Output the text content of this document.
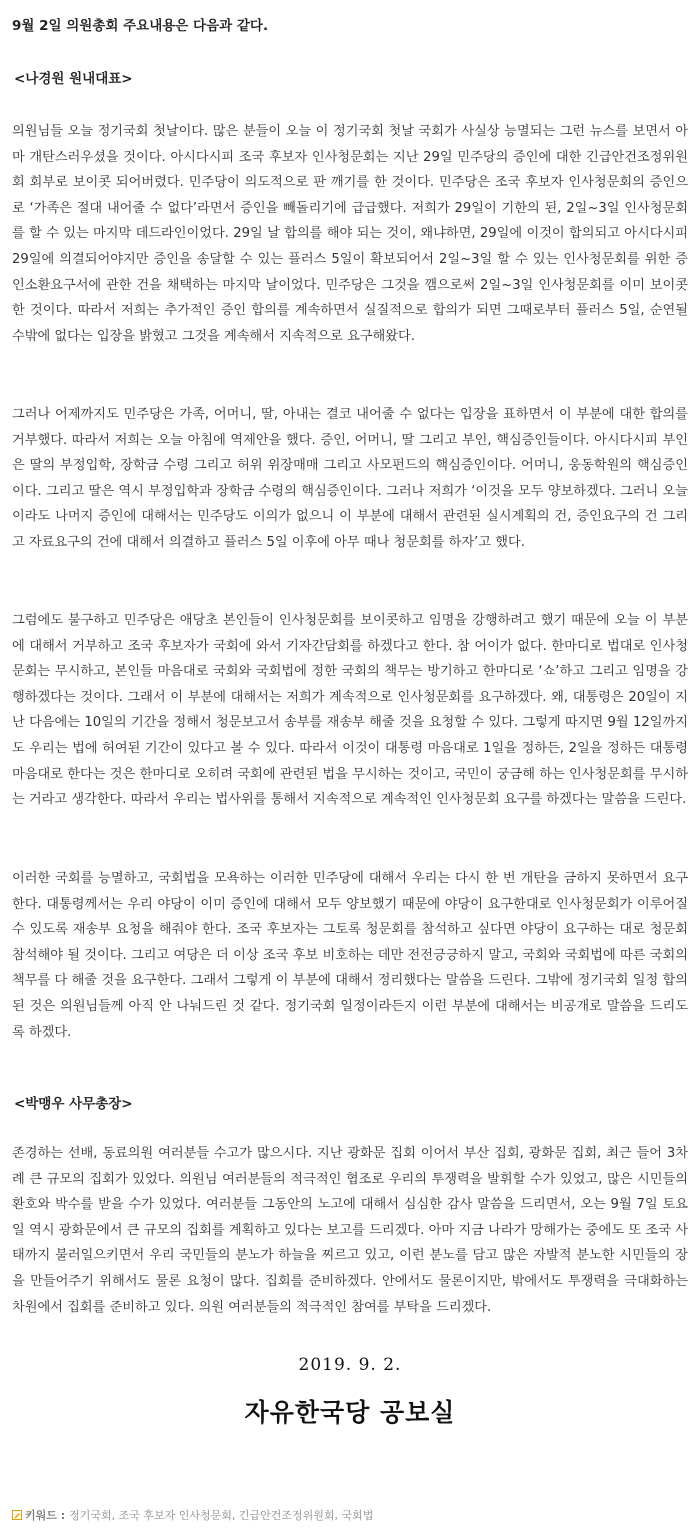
9월 2일 의원총회 주요내용은 다음과 같다.
<나경원 원내대표>
의원님들 오늘 정기국회 첫날이다. 많은 분들이 오늘 이 정기국회 첫날 국회가 사실상 능멸되는 그런 뉴스를 보면서 아마 개탄스러우셨을 것이다. 아시다시피 조국 후보자 인사청문회는 지난 29일 민주당의 증인에 대한 긴급안건조정위원회 회부로 보이콧 되어버렸다. 민주당이 의도적으로 판 깨기를 한 것이다. 민주당은 조국 후보자 인사청문회의 증인으로 ‘가족은 절대 내어줄 수 없다’라면서 증인을 빼돌리기에 급급했다. 저희가 29일이 기한의 된, 2일~3일 인사청문회를 할 수 있는 마지막 데드라인이었다. 29일 날 합의를 해야 되는 것이, 왜냐하면, 29일에 이것이 합의되고 아시다시피 29일에 의결되어야지만 증인을 송달할 수 있는 플러스 5일이 확보되어서 2일~3일 할 수 있는 인사청문회를 위한 증인소환요구서에 관한 건을 채택하는 마지막 날이었다. 민주당은 그것을 깸으로써 2일~3일 인사청문회를 이미 보이콧 한 것이다. 따라서 저희는 추가적인 증인 합의를 계속하면서 실질적으로 합의가 되면 그때로부터 플러스 5일, 순연될 수밖에 없다는 입장을 밝혔고 그것을 계속해서 지속적으로 요구해왔다.
그러나 어제까지도 민주당은 가족, 어머니, 딸, 아내는 결코 내어줄 수 없다는 입장을 표하면서 이 부분에 대한 합의를 거부했다. 따라서 저희는 오늘 아침에 역제안을 했다. 증인, 어머니, 딸 그리고 부인, 핵심증인들이다. 아시다시피 부인은 딸의 부정입학, 장학금 수령 그리고 허위 위장매매 그리고 사모펀드의 핵심증인이다. 어머니, 웅동학원의 핵심증인이다. 그리고 딸은 역시 부정입학과 장학금 수령의 핵심증인이다. 그러나 저희가 ‘이것을 모두 양보하겠다. 그러니 오늘이라도 나머지 증인에 대해서는 민주당도 이의가 없으니 이 부분에 대해서 관련된 실시계획의 건, 증인요구의 건 그리고 자료요구의 건에 대해서 의결하고 플러스 5일 이후에 아무 때나 청문회를 하자’고 했다.
그럼에도 불구하고 민주당은 애당초 본인들이 인사청문회를 보이콧하고 임명을 강행하려고 했기 때문에 오늘 이 부분에 대해서 거부하고 조국 후보자가 국회에 와서 기자간담회를 하겠다고 한다. 참 어이가 없다. 한마디로 법대로 인사청문회는 무시하고, 본인들 마음대로 국회와 국회법에 정한 국회의 책무는 방기하고 한마디로 ‘쇼’하고 그리고 임명을 강행하겠다는 것이다. 그래서 이 부분에 대해서는 저희가 계속적으로 인사청문회를 요구하겠다. 왜, 대통령은 20일이 지난 다음에는 10일의 기간을 정해서 청문보고서 송부를 재송부 해줄 것을 요청할 수 있다. 그렇게 따지면 9월 12일까지도 우리는 법에 허여된 기간이 있다고 볼 수 있다. 따라서 이것이 대통령 마음대로 1일을 정하든, 2일을 정하든 대통령 마음대로 한다는 것은 한마디로 오히려 국회에 관련된 법을 무시하는 것이고, 국민이 궁금해 하는 인사청문회를 무시하는 거라고 생각한다. 따라서 우리는 법사위를 통해서 지속적으로 계속적인 인사청문회 요구를 하겠다는 말씀을 드린다.
이러한 국회를 능멸하고, 국회법을 모욕하는 이러한 민주당에 대해서 우리는 다시 한 번 개탄을 금하지 못하면서 요구한다. 대통령께서는 우리 야당이 이미 증인에 대해서 모두 양보했기 때문에 야당이 요구한대로 인사청문회가 이루어질 수 있도록 재송부 요청을 해줘야 한다. 조국 후보자는 그토록 청문회를 참석하고 싶다면 야당이 요구하는 대로 청문회 참석해야 될 것이다. 그리고 여당은 더 이상 조국 후보 비호하는 데만 전전긍긍하지 말고, 국회와 국회법에 따른 국회의 책무를 다 해줄 것을 요구한다. 그래서 그렇게 이 부분에 대해서 정리했다는 말씀을 드린다. 그밖에 정기국회 일정 합의된 것은 의원님들께 아직 안 나눠드린 것 같다. 정기국회 일정이라든지 이런 부분에 대해서는 비공개로 말씀을 드리도록 하겠다.
<박맹우 사무총장>
존경하는 선배, 동료의원 여러분들 수고가 많으시다. 지난 광화문 집회 이어서 부산 집회, 광화문 집회, 최근 들어 3차례 큰 규모의 집회가 있었다. 의원님 여러분들의 적극적인 협조로 우리의 투쟁력을 발휘할 수가 있었고, 많은 시민들의 환호와 박수를 받을 수가 있었다. 여러분들 그동안의 노고에 대해서 심심한 감사 말씀을 드리면서, 오는 9월 7일 토요일 역시 광화문에서 큰 규모의 집회를 계획하고 있다는 보고를 드리겠다. 아마 지금 나라가 망해가는 중에도 또 조국 사태까지 불러일으키면서 우리 국민들의 분노가 하늘을 찌르고 있고, 이런 분노를 담고 많은 자발적 분노한 시민들의 장을 만들어주기 위해서도 물론 요청이 많다. 집회를 준비하겠다. 안에서도 물론이지만, 밖에서도 투쟁력을 극대화하는 차원에서 집회를 준비하고 있다. 의원 여러분들의 적극적인 참여를 부탁을 드리겠다.
2019. 9. 2.
자유한국당 공보실
키워드 : 정기국회, 조국 후보자 인사청문회, 긴급안건조정위원회, 국회법
